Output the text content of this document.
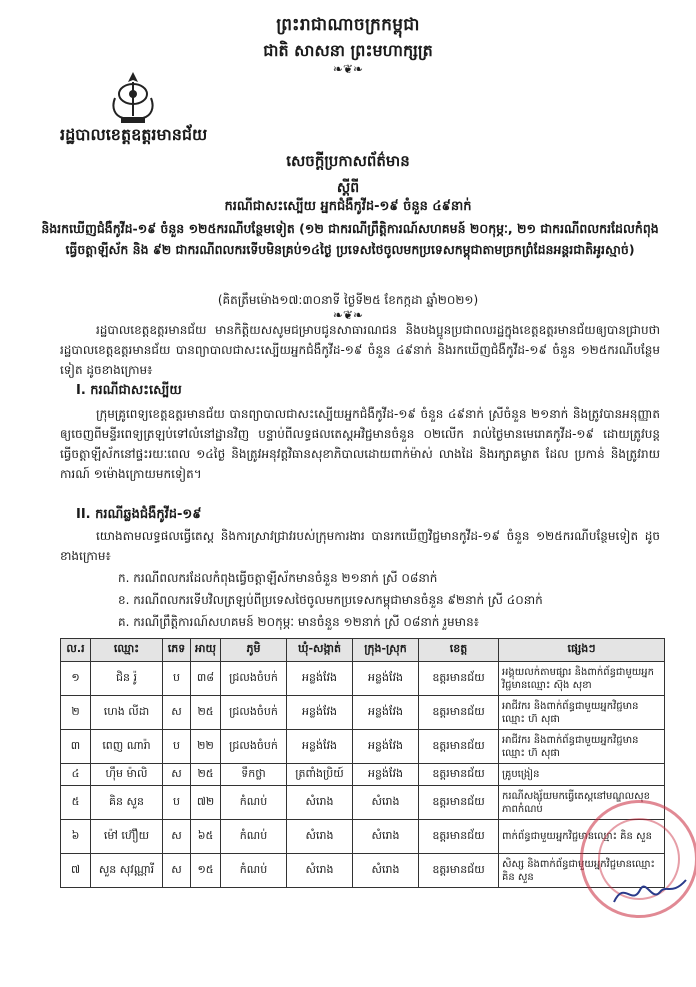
ព្រះរាជាណាចក្រកម្ពុជា
ជាតិ សាសនា ព្រះមហាក្សត្រ
❧❦❧
រដ្ឋបាលខេត្តឧត្តរមានជ័យ
សេចក្តីប្រកាសព័ត៌មាន
ស្តីពី
ករណីជាសះស្បើយ អ្នកជំងឺកូវីដ-១៩ ចំនួន ៤៩នាក់
និងរកឃើញជំងឺកូវីដ-១៩ ចំនួន ១២៥ករណីបន្ថែមទៀត (១២ ជាករណីព្រឹត្តិការណ៍សហគមន៍ ២០កុម្ភៈ, ២១ ជាករណីពលករដែលកំពុងធ្វើចត្តាឡីស័ក និង ៩២ ជាករណីពលករទើបមិនគ្រប់១៤ថ្ងៃ ប្រទេសថៃចូលមកប្រទេសកម្ពុជាតាមច្រកព្រំដែនអន្តរជាតិអូរស្មាច់)
(គិតត្រឹមម៉ោង១៧:៣០នាទី ថ្ងៃទី២៥ ខែកក្កដា ឆ្នាំ២០២១)
❧❦❧
រដ្ឋបាលខេត្តឧត្តរមានជ័យ មានកិត្តិយសសូមជម្រាបជូនសាធារណជន និងបងប្អូនប្រជាពលរដ្ឋក្នុងខេត្តឧត្តរមានជ័យឲ្យបានជ្រាបថា រដ្ឋបាលខេត្តឧត្តរមានជ័យ បានព្យាបាលជាសះស្បើយអ្នកជំងឺកូវីដ-១៩ ចំនួន ៤៩នាក់ និងរកឃើញជំងឺកូវីដ-១៩ ចំនួន ១២៥ករណីបន្ថែមទៀត ដូចខាងក្រោម៖
I. ករណីជាសះស្បើយ
ក្រុមគ្រូពេទ្យខេត្តឧត្តរមានជ័យ បានព្យាបាលជាសះស្បើយអ្នកជំងឺកូវីដ-១៩ ចំនួន ៤៩នាក់ ស្រីចំនួន ២១នាក់ និងត្រូវបានអនុញ្ញាតឲ្យចេញពីមន្ទីរពេទ្យត្រឡប់ទៅលំនៅដ្ឋានវិញ បន្ទាប់ពីលទ្ធផលតេស្តអវិជ្ជមានចំនួន ០២លើក រាល់ថ្ងៃមានមេរោគកូវីដ-១៩ ដោយត្រូវបន្តធ្វើចត្តាឡីស័កនៅផ្ទះរយៈពេល ១៤ថ្ងៃ និងត្រូវអនុវត្តវិធានសុខាភិបាលដោយពាក់ម៉ាស់ លាងដៃ និងរក្សាគម្លាត ដែល ប្រកាន់ និងត្រូវរាយការណ៍ ១ម៉ោងក្រោយមកទៀត។
II. ករណីឆ្លងជំងឺកូវីដ-១៩
យោងតាមលទ្ធផលធ្វើតេស្ត និងការស្រាវជ្រាវរបស់ក្រុមការងារ បានរកឃើញវិជ្ជមានកូវីដ-១៩ ចំនួន ១២៥ករណីបន្ថែមទៀត ដូចខាងក្រោម៖
ក. ករណីពលករដែលកំពុងធ្វើចត្តាឡីស័កមានចំនួន ២១នាក់ ស្រី ០៨នាក់
ខ. ករណីពលករទើបវិលត្រឡប់ពីប្រទេសថៃចូលមកប្រទេសកម្ពុជាមានចំនួន ៩២នាក់ ស្រី ៤០នាក់
គ. ករណីព្រឹត្តិការណ៍សហគមន៍ ២០កុម្ភៈ មានចំនួន ១២នាក់ ស្រី ០៨នាក់ រួមមាន៖
ល.រ	ឈ្មោះ	ភេទ	អាយុ	ភូមិ	ឃុំ-សង្កាត់	ក្រុង-ស្រុក	ខេត្ត	ផ្សេងៗ
១	ជិន រ៉ូ	ប	៣៨	ជ្រលងចំបក់	អន្លង់វែង	អន្លង់វែង	ឧត្តរមានជ័យ	អង្គុយលក់តាមផ្សារ និងពាក់ព័ន្ធជាមួយអ្នកវិជ្ជមានឈ្មោះ ស៊ុង សុខា
២	ហេង លីដា	ស	២៥	ជ្រលងចំបក់	អន្លង់វែង	អន្លង់វែង	ឧត្តរមានជ័យ	អាជីវករ និងពាក់ព័ន្ធជាមួយអ្នកវិជ្ជមានឈ្មោះ ហ៊ សុផា
៣	ពេញ ណារ៉ា	ប	២២	ជ្រលងចំបក់	អន្លង់វែង	អន្លង់វែង	ឧត្តរមានជ័យ	អាជីវករ និងពាក់ព័ន្ធជាមួយអ្នកវិជ្ជមានឈ្មោះ ហ៊ សុផា
៤	ហ៊ឹម ម៉ាលិ	ស	២៥	ទឹកថ្លា	ត្រពាំងប្រិយ៍	អន្លង់វែង	ឧត្តរមានជ័យ	គ្រូបង្រៀន
៥	គិន សួន	ប	៧២	កំណប់	សំរោង	សំរោង	ឧត្តរមានជ័យ	ករណីសង្ស័យមកធ្វើតេស្តនៅមណ្ឌលសុខភាពកំណប់
៦	ម៉ៅ ហ៊ឿយ	ស	៦៥	កំណប់	សំរោង	សំរោង	ឧត្តរមានជ័យ	ពាក់ព័ន្ធជាមួយអ្នកវិជ្ជមានឈ្មោះ គិន សួន
៧	សួន សុវណ្ណារី	ស	១៥	កំណប់	សំរោង	សំរោង	ឧត្តរមានជ័យ	សិស្ស និងពាក់ព័ន្ធជាមួយអ្នកវិជ្ជមានឈ្មោះ គិន សួន
